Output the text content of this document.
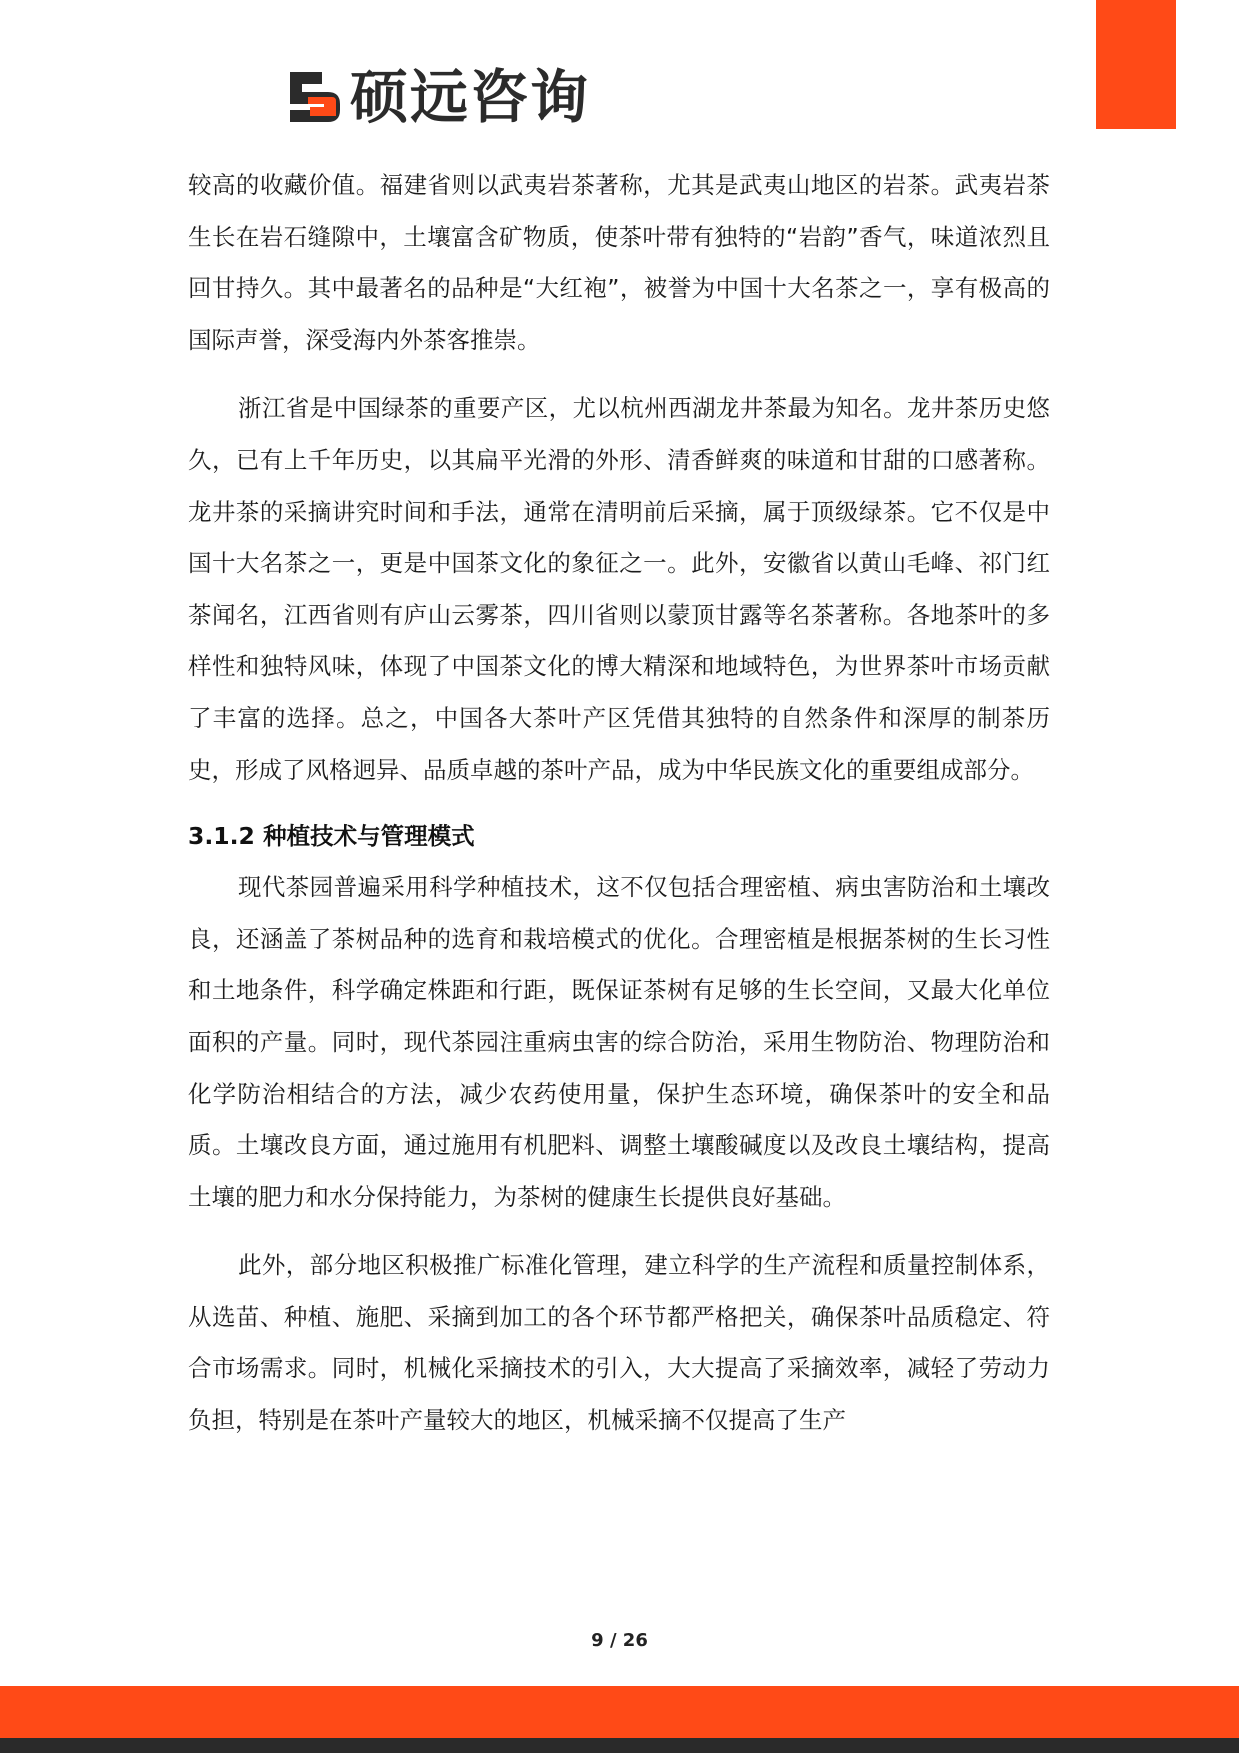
硕远咨询

较高的收藏价值。福建省则以武夷岩茶著称，尤其是武夷山地区的岩茶。武夷岩茶生长在岩石缝隙中，土壤富含矿物质，使茶叶带有独特的“岩韵”香气，味道浓烈且回甘持久。其中最著名的品种是“大红袍”，被誉为中国十大名茶之一，享有极高的国际声誉，深受海内外茶客推崇。

浙江省是中国绿茶的重要产区，尤以杭州西湖龙井茶最为知名。龙井茶历史悠久，已有上千年历史，以其扁平光滑的外形、清香鲜爽的味道和甘甜的口感著称。龙井茶的采摘讲究时间和手法，通常在清明前后采摘，属于顶级绿茶。它不仅是中国十大名茶之一，更是中国茶文化的象征之一。此外，安徽省以黄山毛峰、祁门红茶闻名，江西省则有庐山云雾茶，四川省则以蒙顶甘露等名茶著称。各地茶叶的多样性和独特风味，体现了中国茶文化的博大精深和地域特色，为世界茶叶市场贡献了丰富的选择。总之，中国各大茶叶产区凭借其独特的自然条件和深厚的制茶历史，形成了风格迥异、品质卓越的茶叶产品，成为中华民族文化的重要组成部分。

3.1.2 种植技术与管理模式

现代茶园普遍采用科学种植技术，这不仅包括合理密植、病虫害防治和土壤改良，还涵盖了茶树品种的选育和栽培模式的优化。合理密植是根据茶树的生长习性和土地条件，科学确定株距和行距，既保证茶树有足够的生长空间，又最大化单位面积的产量。同时，现代茶园注重病虫害的综合防治，采用生物防治、物理防治和化学防治相结合的方法，减少农药使用量，保护生态环境，确保茶叶的安全和品质。土壤改良方面，通过施用有机肥料、调整土壤酸碱度以及改良土壤结构，提高土壤的肥力和水分保持能力，为茶树的健康生长提供良好基础。

此外，部分地区积极推广标准化管理，建立科学的生产流程和质量控制体系，从选苗、种植、施肥、采摘到加工的各个环节都严格把关，确保茶叶品质稳定、符合市场需求。同时，机械化采摘技术的引入，大大提高了采摘效率，减轻了劳动力负担，特别是在茶叶产量较大的地区，机械采摘不仅提高了生产

9 / 26
